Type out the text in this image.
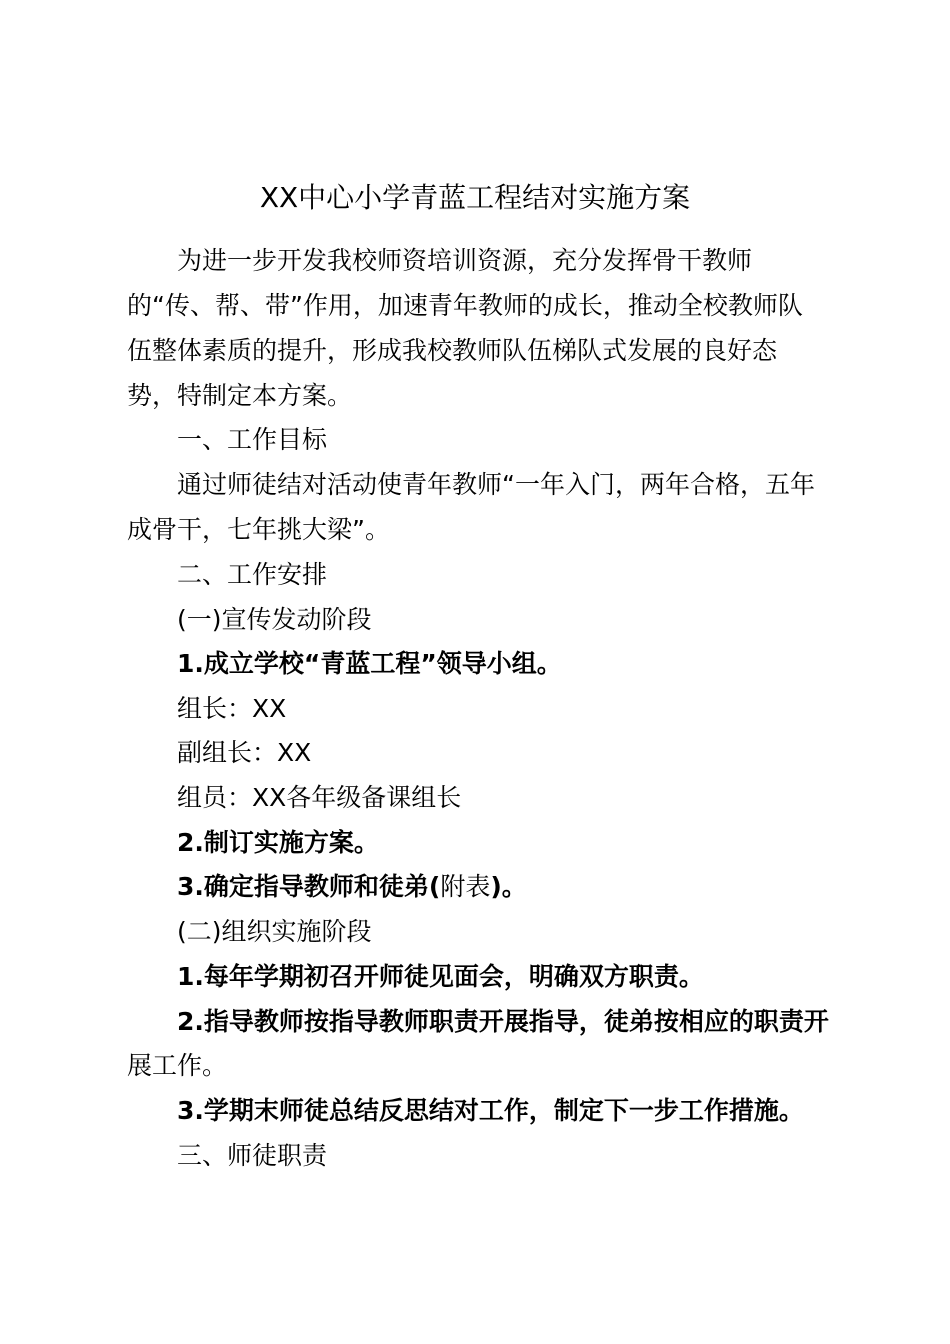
XX中心小学青蓝工程结对实施方案
为进一步开发我校师资培训资源，充分发挥骨干教师
的“传、帮、带”作用，加速青年教师的成长，推动全校教师队
伍整体素质的提升，形成我校教师队伍梯队式发展的良好态
势，特制定本方案。
一、工作目标
通过师徒结对活动使青年教师“一年入门，两年合格，五年
成骨干，七年挑大梁”。
二、工作安排
(一)宣传发动阶段
1.成立学校“青蓝工程”领导小组。
组长：XX
副组长：XX
组员：XX各年级备课组长
2.制订实施方案。
3.确定指导教师和徒弟(附表)。
(二)组织实施阶段
1.每年学期初召开师徒见面会，明确双方职责。
2.指导教师按指导教师职责开展指导，徒弟按相应的职责开
展工作。
3.学期末师徒总结反思结对工作，制定下一步工作措施。
三、师徒职责
